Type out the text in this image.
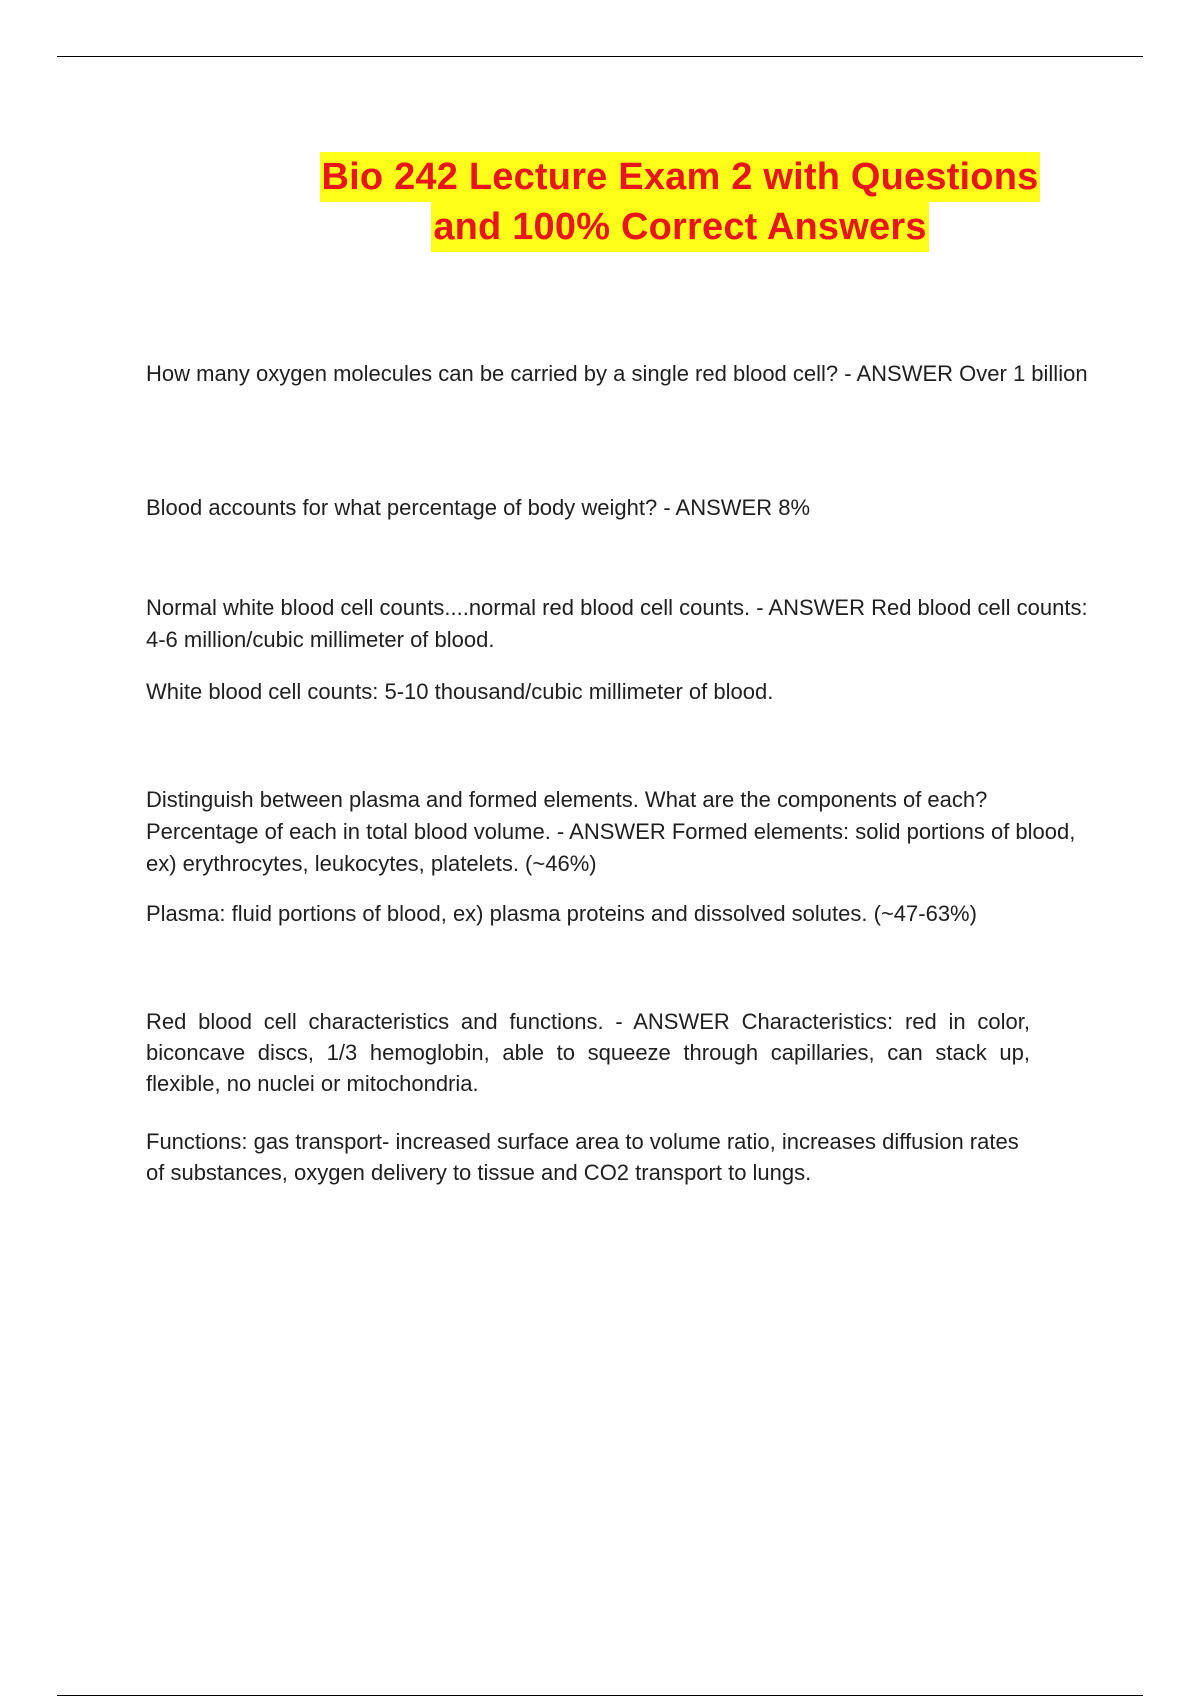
Bio 242 Lecture Exam 2 with Questions
and 100% Correct Answers

How many oxygen molecules can be carried by a single red blood cell? - ANSWER Over 1 billion

Blood accounts for what percentage of body weight? - ANSWER 8%

Normal white blood cell counts....normal red blood cell counts. - ANSWER Red blood cell counts: 4-6 million/cubic millimeter of blood.

White blood cell counts: 5-10 thousand/cubic millimeter of blood.

Distinguish between plasma and formed elements. What are the components of each? Percentage of each in total blood volume. - ANSWER Formed elements: solid portions of blood, ex) erythrocytes, leukocytes, platelets. (~46%)

Plasma: fluid portions of blood, ex) plasma proteins and dissolved solutes. (~47-63%)

Red blood cell characteristics and functions. - ANSWER Characteristics: red in color, biconcave discs, 1/3 hemoglobin, able to squeeze through capillaries, can stack up, flexible, no nuclei or mitochondria.

Functions: gas transport- increased surface area to volume ratio, increases diffusion rates of substances, oxygen delivery to tissue and CO2 transport to lungs.
